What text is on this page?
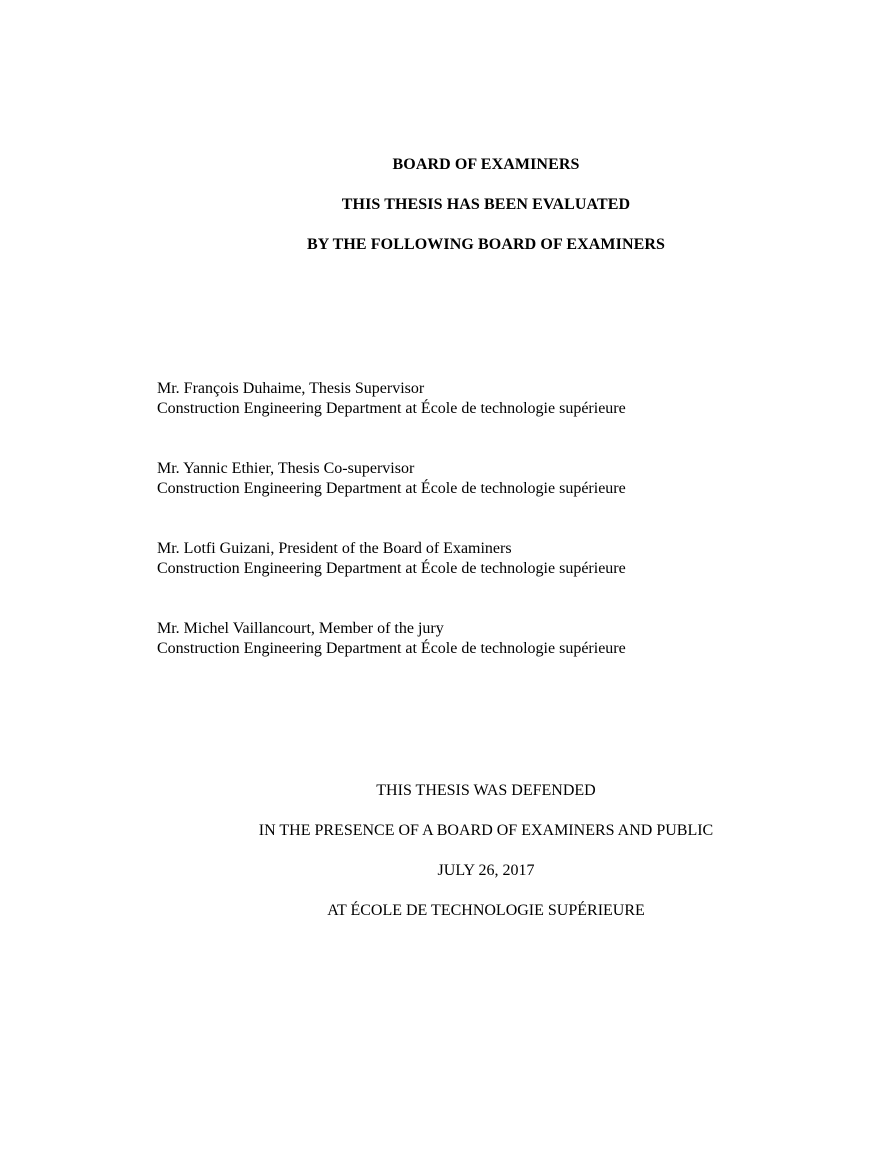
BOARD OF EXAMINERS
THIS THESIS HAS BEEN EVALUATED
BY THE FOLLOWING BOARD OF EXAMINERS
Mr. François Duhaime, Thesis Supervisor
Construction Engineering Department at École de technologie supérieure
Mr. Yannic Ethier, Thesis Co-supervisor
Construction Engineering Department at École de technologie supérieure
Mr. Lotfi Guizani, President of the Board of Examiners
Construction Engineering Department at École de technologie supérieure
Mr. Michel Vaillancourt, Member of the jury
Construction Engineering Department at École de technologie supérieure
THIS THESIS WAS DEFENDED
IN THE PRESENCE OF A BOARD OF EXAMINERS AND PUBLIC
JULY 26, 2017
AT ÉCOLE DE TECHNOLOGIE SUPÉRIEURE
